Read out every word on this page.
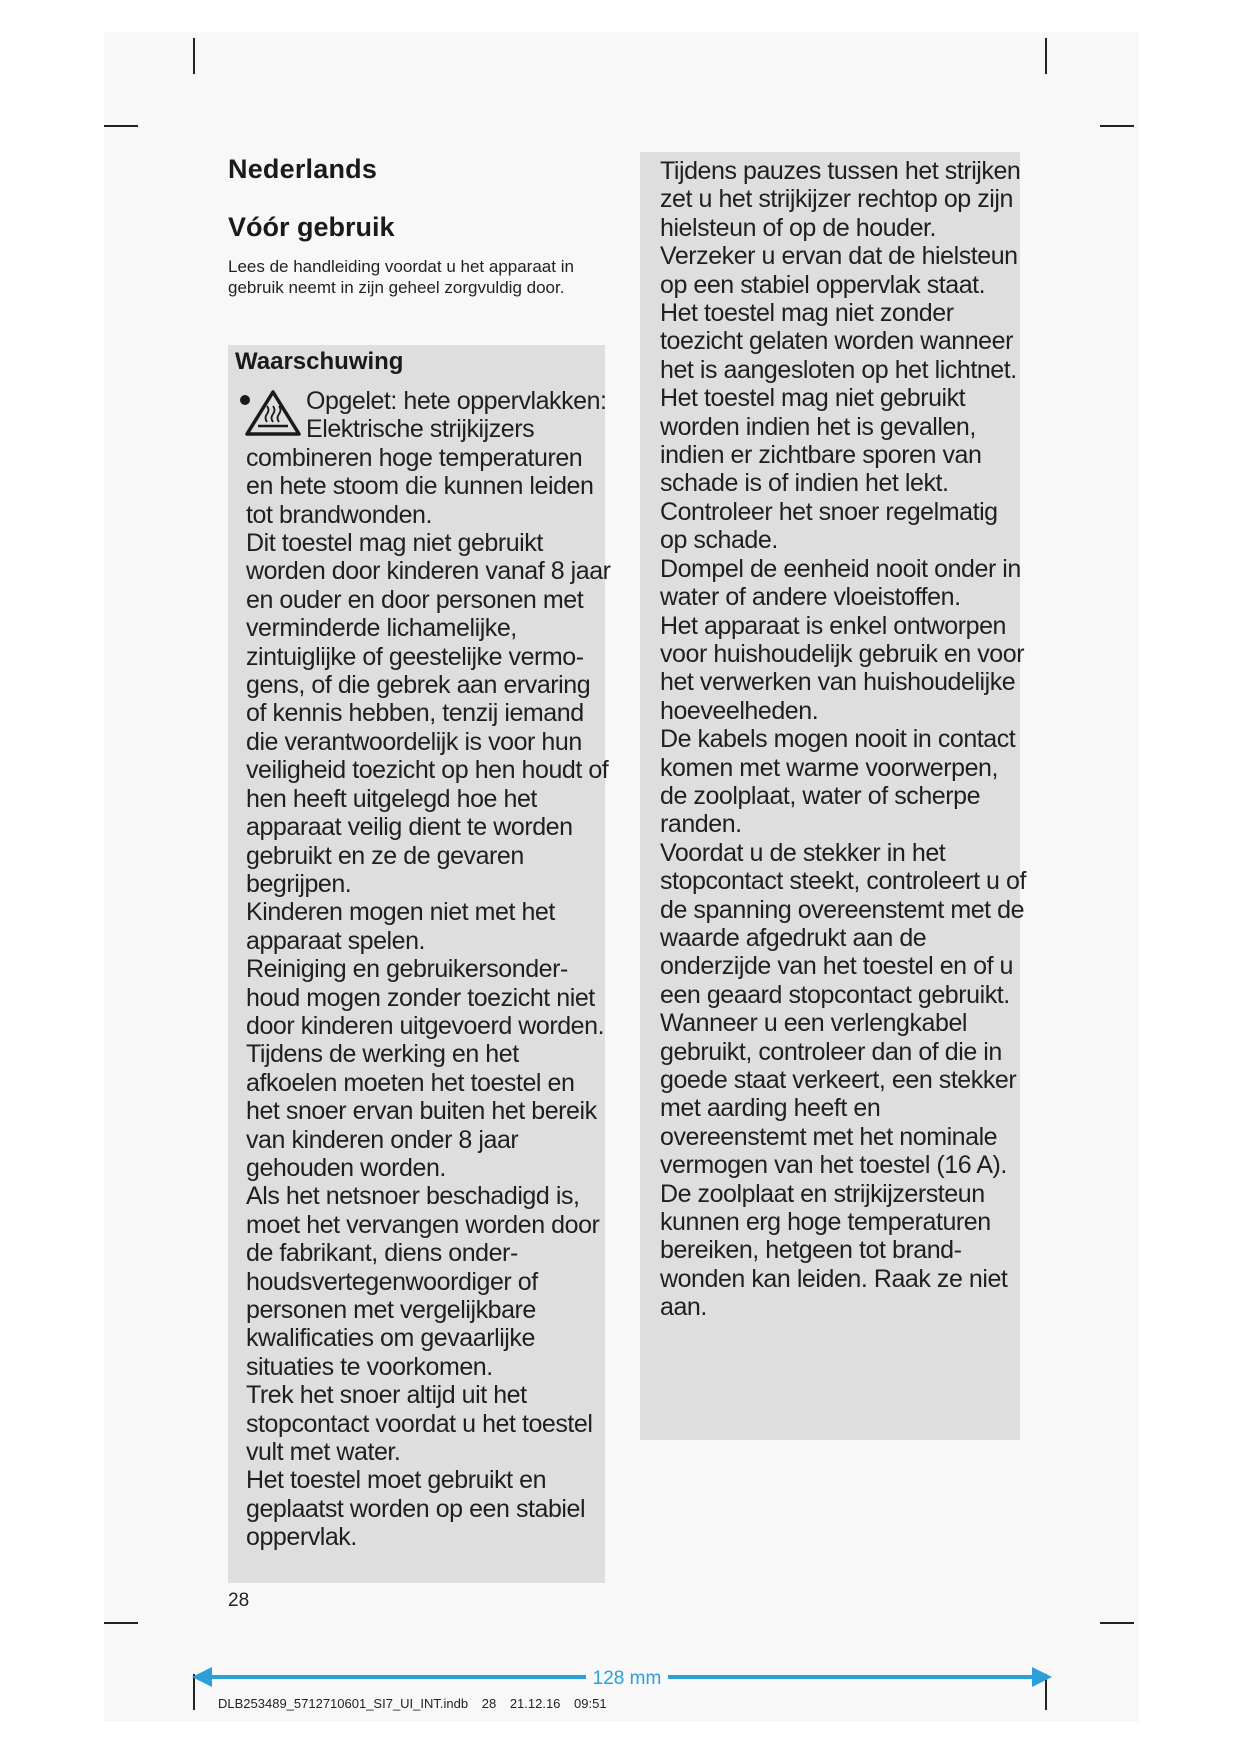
Nederlands
Vóór gebruik

Lees de handleiding voordat u het apparaat in gebruik neemt in zijn geheel zorgvuldig door.

Waarschuwing

Opgelet: hete oppervlakken: Elektrische strijkijzers combineren hoge temperaturen en hete stoom die kunnen leiden tot brandwonden.

Dit toestel mag niet gebruikt worden door kinderen vanaf 8 jaar en ouder en door personen met verminderde lichamelijke, zintuiglijke of geestelijke vermogens, of die gebrek aan ervaring of kennis hebben, tenzij iemand die verantwoordelijk is voor hun veiligheid toezicht op hen houdt of hen heeft uitgelegd hoe het apparaat veilig dient te worden gebruikt en ze de gevaren begrijpen.

Kinderen mogen niet met het apparaat spelen.

Reiniging en gebruikersonderhoud mogen zonder toezicht niet door kinderen uitgevoerd worden.

Tijdens de werking en het afkoelen moeten het toestel en het snoer ervan buiten het bereik van kinderen onder 8 jaar gehouden worden.

Als het netsnoer beschadigd is, moet het vervangen worden door de fabrikant, diens onderhoudsvertegenwoordiger of personen met vergelijkbare kwalificaties om gevaarlijke situaties te voorkomen.

Trek het snoer altijd uit het stopcontact voordat u het toestel vult met water.

Het toestel moet gebruikt en geplaatst worden op een stabiel oppervlak.

Tijdens pauzes tussen het strijken zet u het strijkijzer rechtop op zijn hielsteun of op de houder. Verzeker u ervan dat de hielsteun op een stabiel oppervlak staat.

Het toestel mag niet zonder toezicht gelaten worden wanneer het is aangesloten op het lichtnet.

Het toestel mag niet gebruikt worden indien het is gevallen, indien er zichtbare sporen van schade is of indien het lekt. Controleer het snoer regelmatig op schade.

Dompel de eenheid nooit onder in water of andere vloeistoffen.

Het apparaat is enkel ontworpen voor huishoudelijk gebruik en voor het verwerken van huishoudelijke hoeveelheden.

De kabels mogen nooit in contact komen met warme voorwerpen, de zoolplaat, water of scherpe randen.

Voordat u de stekker in het stopcontact steekt, controleert u of de spanning overeenstemt met de waarde afgedrukt aan de onderzijde van het toestel en of u een geaard stopcontact gebruikt.

Wanneer u een verlengkabel gebruikt, controleer dan of die in goede staat verkeert, een stekker met aarding heeft en overeenstemt met het nominale vermogen van het toestel (16 A).

De zoolplaat en strijkijzersteun kunnen erg hoge temperaturen bereiken, hetgeen tot brandwonden kan leiden. Raak ze niet aan.

28
128 mm
DLB253489_5712710601_SI7_UI_INT.indb 28 21.12.16 09:51
